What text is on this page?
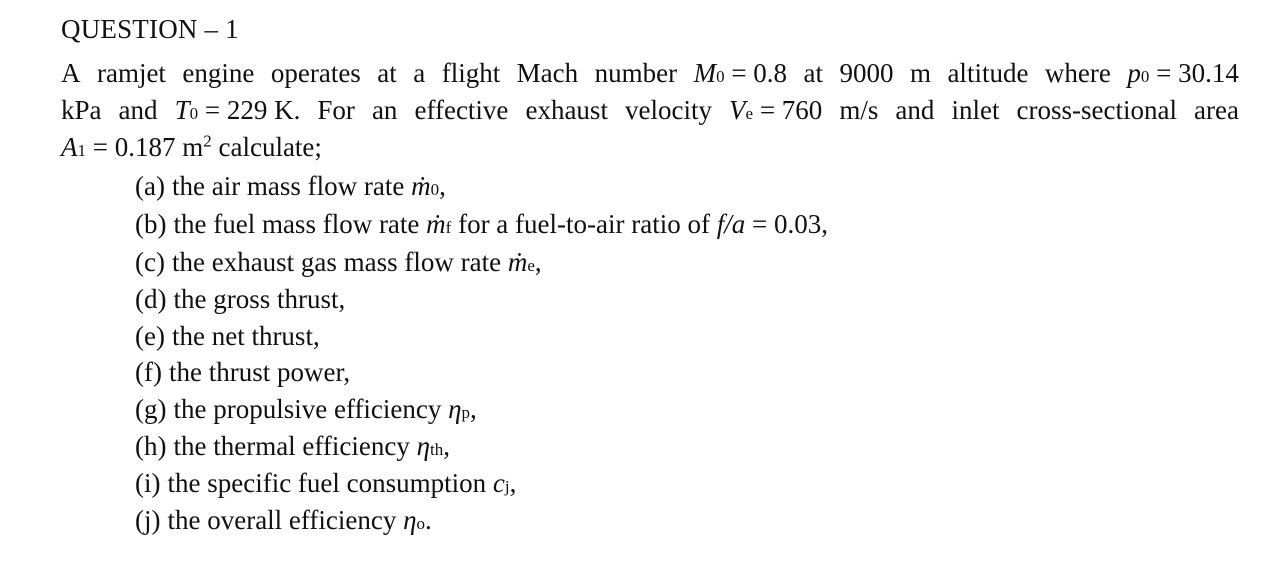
QUESTION – 1
A ramjet engine operates at a flight Mach number M0 = 0.8 at 9000 m altitude where p0 = 30.14
kPa and T0 = 229 K. For an effective exhaust velocity Ve = 760 m/s and inlet cross-sectional area
A1 = 0.187 $m^2$ calculate;
(a) the air mass flow rate ṁ0,
(b) the fuel mass flow rate ṁf for a fuel-to-air ratio of f/a = 0.03,
(c) the exhaust gas mass flow rate ṁe,
(d) the gross thrust,
(e) the net thrust,
(f) the thrust power,
(g) the propulsive efficiency ηp,
(h) the thermal efficiency ηth,
(i) the specific fuel consumption cj,
(j) the overall efficiency ηo.
